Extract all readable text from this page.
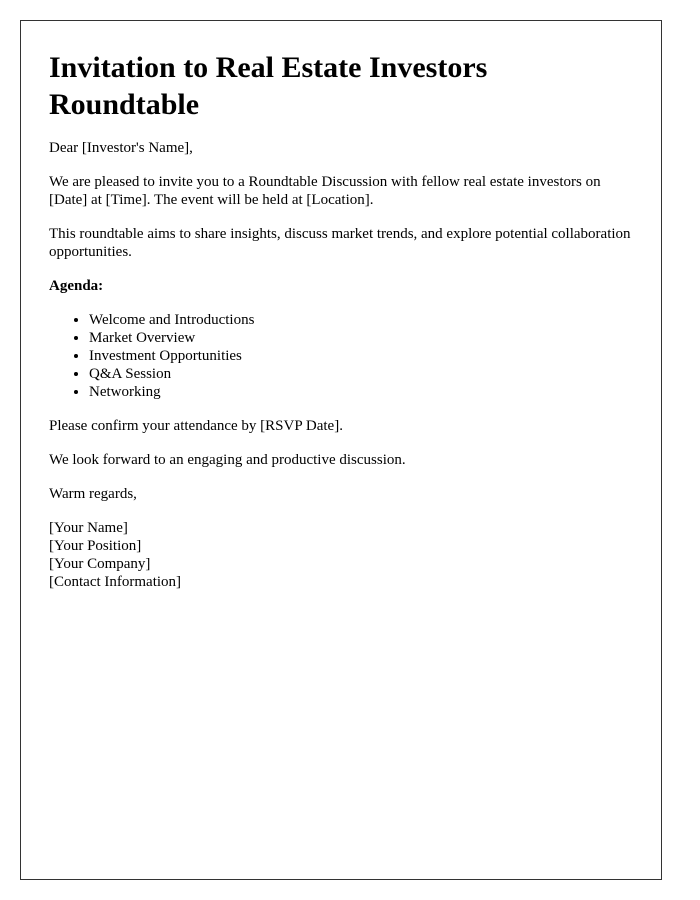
Invitation to Real Estate Investors Roundtable

Dear [Investor's Name],

We are pleased to invite you to a Roundtable Discussion with fellow real estate investors on [Date] at [Time]. The event will be held at [Location].

This roundtable aims to share insights, discuss market trends, and explore potential collaboration opportunities.

Agenda:
• Welcome and Introductions
• Market Overview
• Investment Opportunities
• Q&A Session
• Networking

Please confirm your attendance by [RSVP Date].

We look forward to an engaging and productive discussion.

Warm regards,

[Your Name]
[Your Position]
[Your Company]
[Contact Information]
